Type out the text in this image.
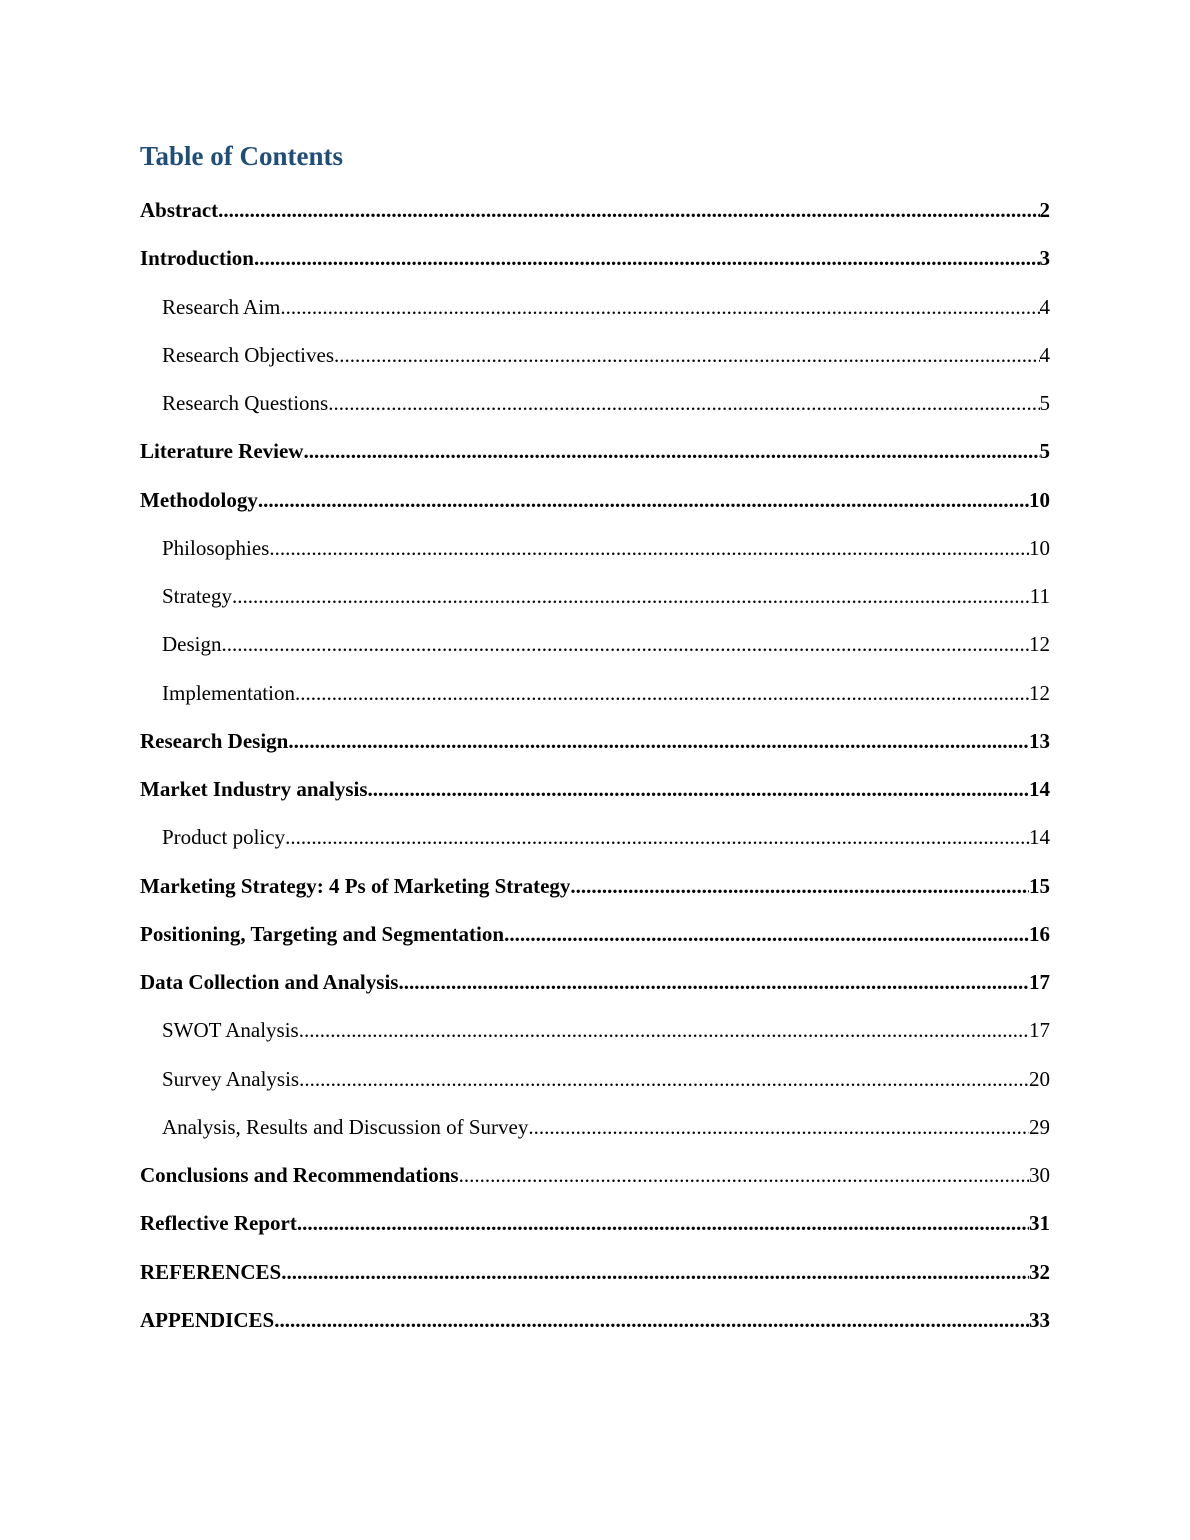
Table of Contents
Abstract .....	2
Introduction .....	3
Research Aim .....	4
Research Objectives .....	4
Research Questions .....	5
Literature Review .....	5
Methodology .....	10
Philosophies .....	10
Strategy .....	11
Design .....	12
Implementation .....	12
Research Design .....	13
Market Industry analysis .....	14
Product policy .....	14
Marketing Strategy: 4 Ps of Marketing Strategy .....	15
Positioning, Targeting and Segmentation .....	16
Data Collection and Analysis .....	17
SWOT Analysis .....	17
Survey Analysis .....	20
Analysis, Results and Discussion of Survey .....	29
Conclusions and Recommendations .....	30
Reflective Report .....	31
REFERENCES .....	32
APPENDICES .....	33
